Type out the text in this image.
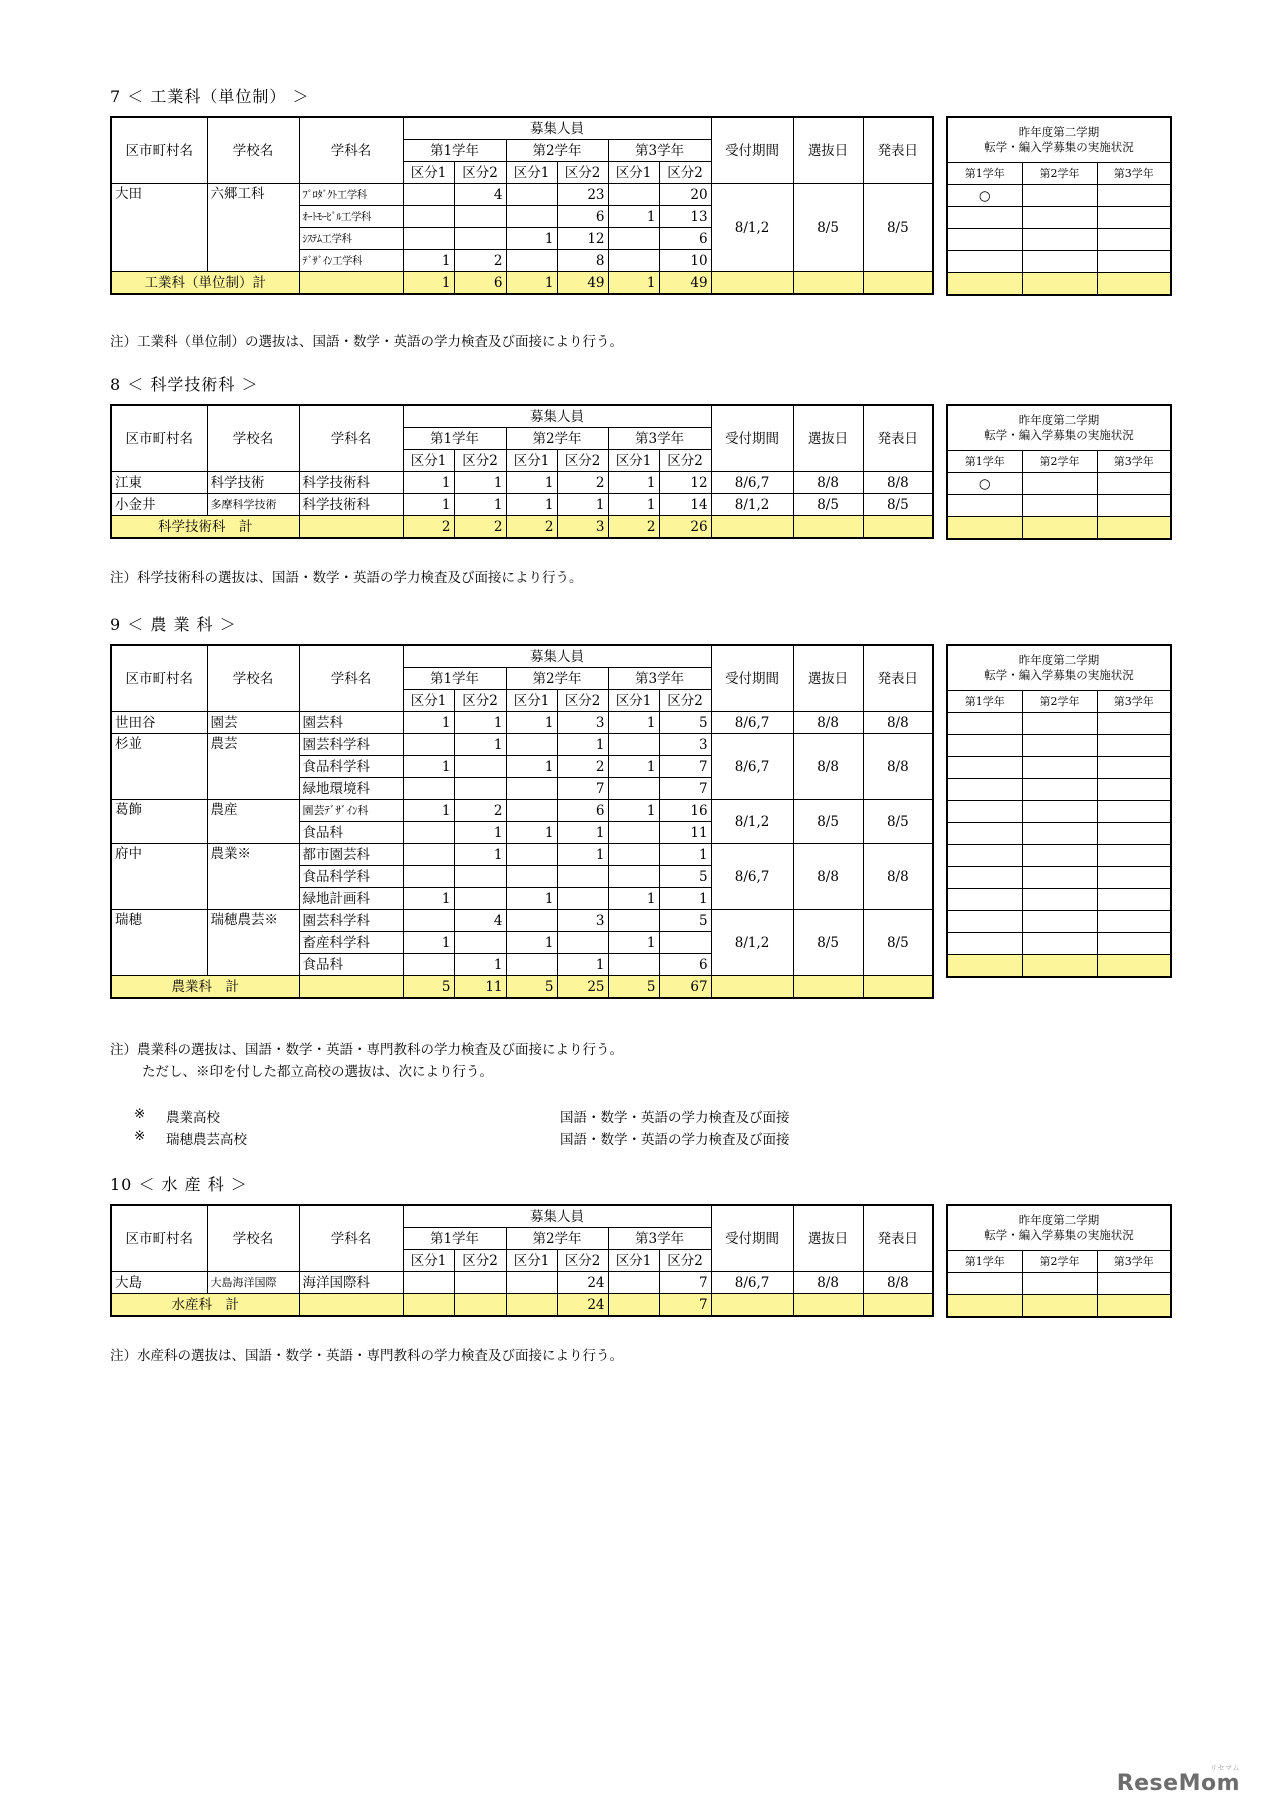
7 ＜ 工業科（単位制） ＞
区市町村名	学校名	学科名	募集人員						受付期間	選抜日	発表日
			第1学年		第2学年		第3学年				
			区分1	区分2	区分1	区分2	区分1	区分2			
大田	六郷工科	ﾌﾟﾛﾀﾞｸﾄ工学科		4		23		20	8/1,2	8/5	8/5
		ｵｰﾄﾓｰﾋﾞﾙ工学科				6	1	13			
		ｼｽﾃﾑ工学科			1	12		6			
		ﾃﾞｻﾞｲﾝ工学科	1	2		8		10			
工業科（単位制）計			1	6	1	49	1	49			
昨年度第二学期
転学・編入学募集の実施状況		

第1学年	第2学年	第3学年
○		

注）工業科（単位制）の選抜は、国語・数学・英語の学力検査及び面接により行う。
8 ＜ 科学技術科 ＞
区市町村名	学校名	学科名	募集人員						受付期間	選抜日	発表日
			第1学年		第2学年		第3学年				
			区分1	区分2	区分1	区分2	区分1	区分2			
江東	科学技術	科学技術科	1	1	1	2	1	12	8/6,7	8/8	8/8
小金井	多摩科学技術	科学技術科	1	1	1	1	1	14	8/1,2	8/5	8/5
科学技術科　計			2	2	2	3	2	26			
昨年度第二学期
転学・編入学募集の実施状況		

第1学年	第2学年	第3学年
○		

注）科学技術科の選抜は、国語・数学・英語の学力検査及び面接により行う。
9 ＜ 農 業 科 ＞
区市町村名	学校名	学科名	募集人員						受付期間	選抜日	発表日
			第1学年		第2学年		第3学年				
			区分1	区分2	区分1	区分2	区分1	区分2			
世田谷	園芸	園芸科	1	1	1	3	1	5	8/6,7	8/8	8/8
杉並	農芸	園芸科学科		1		1		3	8/6,7	8/8	8/8
		食品科学科	1		1	2	1	7			
		緑地環境科				7		7			
葛飾	農産	園芸ﾃﾞｻﾞｲﾝ科	1	2		6	1	16	8/1,2	8/5	8/5
		食品科		1	1	1		11			
府中	農業※	都市園芸科		1		1		1	8/6,7	8/8	8/8
		食品科学科						5			
		緑地計画科	1		1		1	1			
瑞穂	瑞穂農芸※	園芸科学科		4		3		5	8/1,2	8/5	8/5
		畜産科学科	1		1		1				
		食品科		1		1		6			
農業科　計			5	11	5	25	5	67			
昨年度第二学期
転学・編入学募集の実施状況		

第1学年	第2学年	第3学年

注）農業科の選抜は、国語・数学・英語・専門教科の学力検査及び面接により行う。
ただし、※印を付した都立高校の選抜は、次により行う。
※ 農業高校	国語・数学・英語の学力検査及び面接
※ 瑞穂農芸高校	国語・数学・英語の学力検査及び面接
10 ＜ 水 産 科 ＞
区市町村名	学校名	学科名	募集人員						受付期間	選抜日	発表日
			第1学年		第2学年		第3学年				
			区分1	区分2	区分1	区分2	区分1	区分2			
大島	大島海洋国際	海洋国際科				24		7	8/6,7	8/8	8/8
水産科　計						24		7			
昨年度第二学期
転学・編入学募集の実施状況		

第1学年	第2学年	第3学年

注）水産科の選抜は、国語・数学・英語・専門教科の学力検査及び面接により行う。
リセマム
ReseMom
